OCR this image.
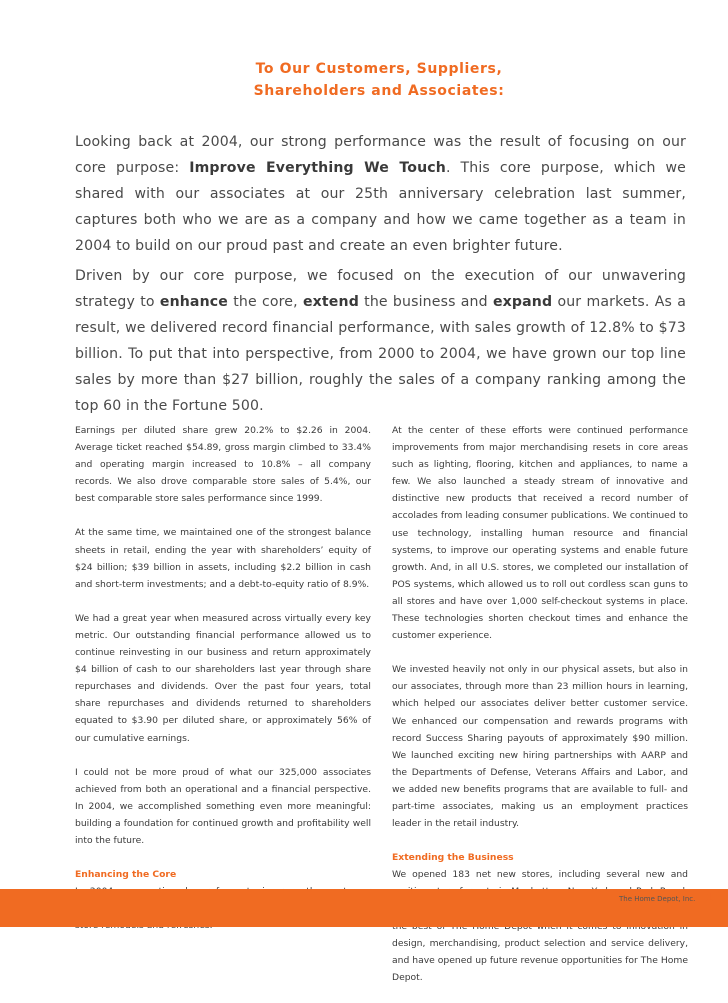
To Our Customers, Suppliers,
Shareholders and Associates:

Looking back at 2004, our strong performance was the result of focusing on our core purpose: Improve Everything We Touch. This core purpose, which we shared with our associates at our 25th anniversary celebration last summer, captures both who we are as a company and how we came together as a team in 2004 to build on our proud past and create an even brighter future.

Driven by our core purpose, we focused on the execution of our unwavering strategy to enhance the core, extend the business and expand our markets. As a result, we delivered record financial performance, with sales growth of 12.8% to $73 billion. To put that into perspective, from 2000 to 2004, we have grown our top line sales by more than $27 billion, roughly the sales of a company ranking among the top 60 in the Fortune 500.

Earnings per diluted share grew 20.2% to $2.26 in 2004. Average ticket reached $54.89, gross margin climbed to 33.4% and operating margin increased to 10.8% – all company records. We also drove comparable store sales of 5.4%, our best comparable store sales performance since 1999.

At the same time, we maintained one of the strongest balance sheets in retail, ending the year with shareholders’ equity of $24 billion; $39 billion in assets, including $2.2 billion in cash and short-term investments; and a debt-to-equity ratio of 8.9%.

We had a great year when measured across virtually every key metric. Our outstanding financial performance allowed us to continue reinvesting in our business and return approximately $4 billion of cash to our shareholders last year through share repurchases and dividends. Over the past four years, total share repurchases and dividends returned to shareholders equated to $3.90 per diluted share, or approximately 56% of our cumulative earnings.

I could not be more proud of what our 325,000 associates achieved from both an operational and a financial perspective. In 2004, we accomplished something even more meaningful: building a foundation for continued growth and profitability well into the future.

Enhancing the Core

At the center of these efforts were continued performance improvements from major merchandising resets in core areas such as lighting, flooring, kitchen and appliances, to name a few. We also launched a steady stream of innovative and distinctive new products that received a record number of accolades from leading consumer publications. We continued to use technology, installing human resource and financial systems, to improve our operating systems and enable future growth. And, in all U.S. stores, we completed our installation of POS systems, which allowed us to roll out cordless scan guns to all stores and have over 1,000 self-checkout systems in place. These technologies shorten checkout times and enhance the customer experience.

We invested heavily not only in our physical assets, but also in our associates, through more than 23 million hours in learning, which helped our associates deliver better customer service. We enhanced our compensation and rewards programs with record Success Sharing payouts of approximately $90 million. We launched exciting new hiring partnerships with AARP and the Departments of Defense, Veterans Affairs and Labor, and we added new benefits programs that are available to full- and part-time associates, making us an employment practices leader in the retail industry.

Extending the Business

We opened 183 net new stores, including several new and design, merchandising, product selection and service delivery, and have opened up future revenue opportunities for The Home Depot.

The Home Depot, Inc. 1
